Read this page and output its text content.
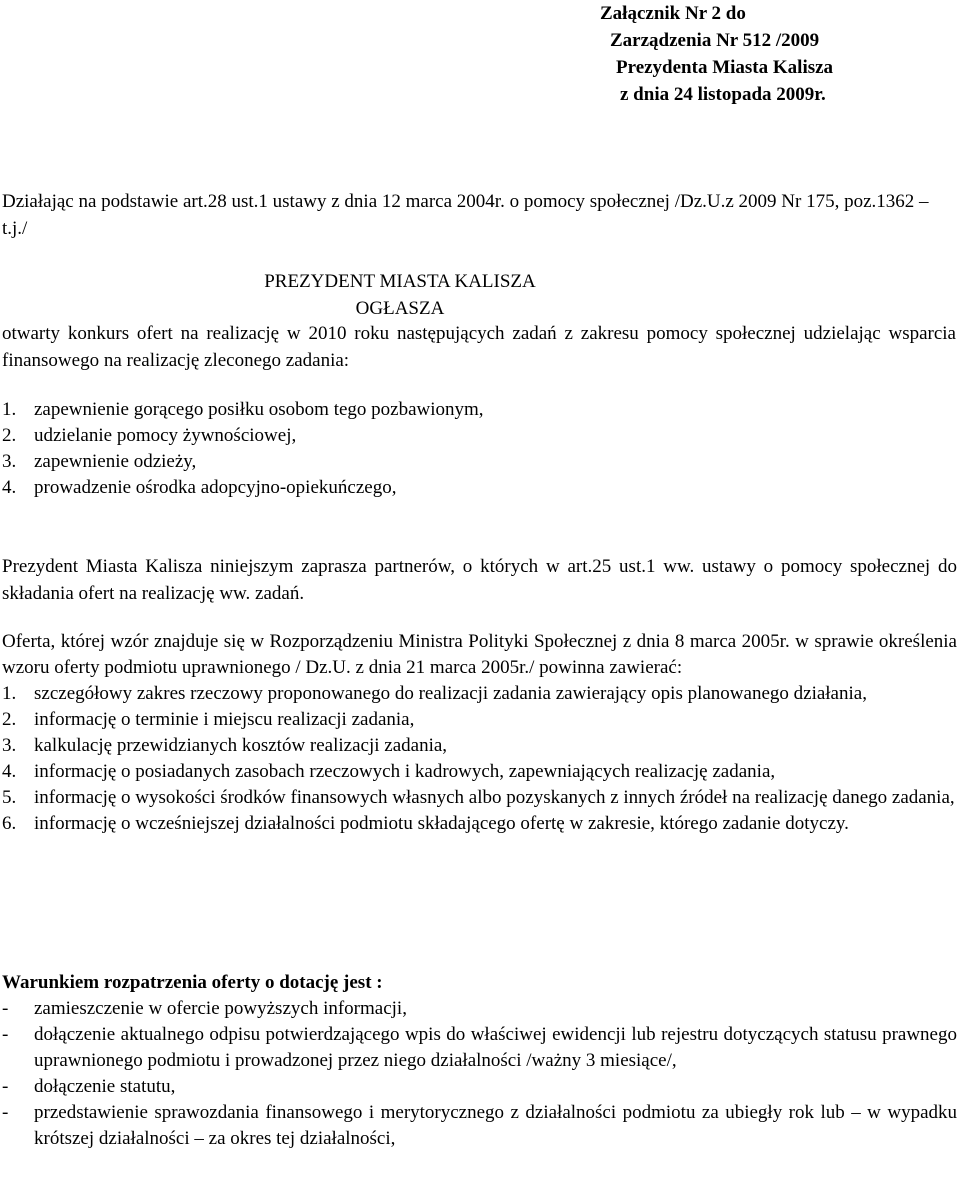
Załącznik Nr 2 do
Zarządzenia Nr 512 /2009
Prezydenta Miasta Kalisza
z dnia 24 listopada 2009r.
Działając na podstawie art.28 ust.1 ustawy z dnia 12 marca 2004r. o pomocy społecznej /Dz.U.z 2009 Nr 175, poz.1362 – t.j./
PREZYDENT MIASTA KALISZA
OGŁASZA
otwarty konkurs ofert na realizację w 2010 roku następujących zadań z zakresu pomocy społecznej udzielając wsparcia finansowego na realizację zleconego zadania:
1. zapewnienie gorącego posiłku osobom tego pozbawionym,
2. udzielanie pomocy żywnościowej,
3. zapewnienie odzieży,
4. prowadzenie ośrodka adopcyjno-opiekuńczego,
Prezydent Miasta Kalisza niniejszym zaprasza partnerów, o których w art.25 ust.1 ww. ustawy o pomocy społecznej do składania ofert na realizację ww. zadań.
Oferta, której wzór znajduje się w Rozporządzeniu Ministra Polityki Społecznej z dnia 8 marca 2005r. w sprawie określenia wzoru oferty podmiotu uprawnionego / Dz.U. z dnia 21 marca 2005r./ powinna zawierać:
1. szczegółowy zakres rzeczowy proponowanego do realizacji zadania zawierający opis planowanego działania,
2. informację o terminie i miejscu realizacji zadania,
3. kalkulację przewidzianych kosztów realizacji zadania,
4. informację o posiadanych zasobach rzeczowych i kadrowych, zapewniających realizację zadania,
5. informację o wysokości środków finansowych własnych albo pozyskanych z innych źródeł na realizację danego zadania,
6. informację o wcześniejszej działalności podmiotu składającego ofertę w zakresie, którego zadanie dotyczy.
Warunkiem rozpatrzenia oferty o dotację jest :
-	zamieszczenie w ofercie powyższych informacji,
-	dołączenie aktualnego odpisu potwierdzającego wpis do właściwej ewidencji lub rejestru dotyczących statusu prawnego uprawnionego podmiotu i prowadzonej przez niego działalności /ważny 3 miesiące/,
-	dołączenie statutu,
-	przedstawienie sprawozdania finansowego i merytorycznego z działalności podmiotu za ubiegły rok lub – w wypadku krótszej działalności – za okres tej działalności,
